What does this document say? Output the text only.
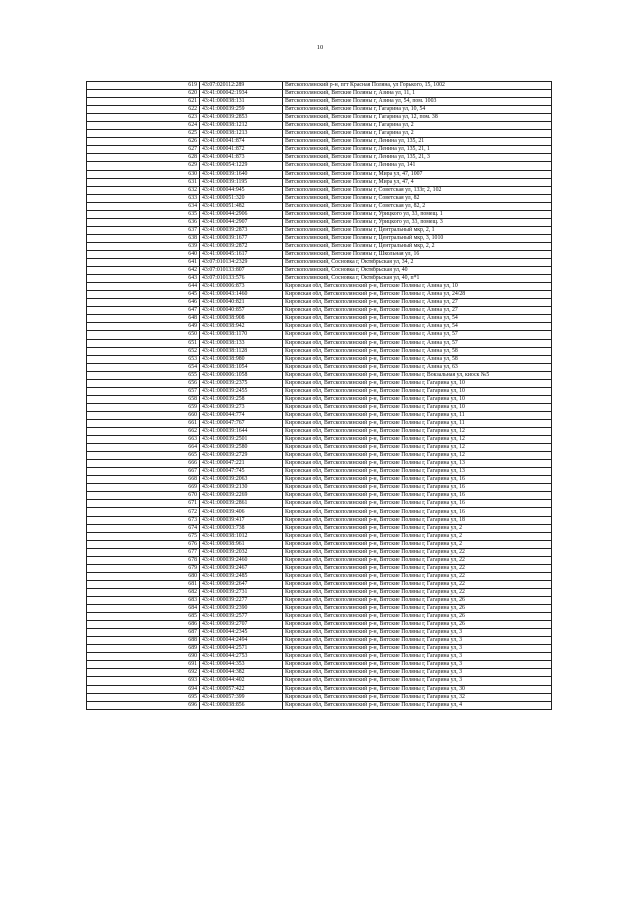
10
619	43:07:020112:289	Вятскополянский р-н, пгт Красная Поляна, ул Горького, 15, 1002
620	43:41:000042:1934	Вятскополянский, Вятские Поляны г, Азина ул, 11, 1
621	43:41:000038:131	Вятскополянский, Вятские Поляны г, Азина ул, 54, пом. 1003
622	43:41:000039:259	Вятскополянский, Вятские Поляны г, Гагарина ул, 10, 54
623	43:41:000039:2853	Вятскополянский, Вятские Поляны г, Гагарина ул, 12, пом. 38
624	43:41:000038:1212	Вятскополянский, Вятские Поляны г, Гагарина ул, 2
625	43:41:000038:1213	Вятскополянский, Вятские Поляны г, Гагарина ул, 2
626	43:41:000041:874	Вятскополянский, Вятские Поляны г, Ленина ул, 135, 21
627	43:41:000041:872	Вятскополянский, Вятские Поляны г, Ленина ул, 135, 21, 1
628	43:41:000041:873	Вятскополянский, Вятские Поляны г, Ленина ул, 135, 21, 3
629	43:41:000054:1229	Вятскополянский, Вятские Поляны г, Ленина ул, 141
630	43:41:000039:1640	Вятскополянский, Вятские Поляны г, Мира ул, 47, 1007
631	43:41:000039:1195	Вятскополянский, Вятские Поляны г, Мира ул, 47, 4
632	43:41:000044:945	Вятскополянский, Вятские Поляны г, Советская ул, 133г, 2, 102
633	43:41:000051:320	Вятскополянский, Вятские Поляны г, Советская ул, 82
634	43:41:000051:482	Вятскополянский, Вятские Поляны г, Советская ул, 82, 2
635	43:41:000044:2906	Вятскополянский, Вятские Поляны г, Урицкого ул, 33, помещ. 1
636	43:41:000044:2907	Вятскополянский, Вятские Поляны г, Урицкого ул, 33, помещ. 3
637	43:41:000039:2873	Вятскополянский, Вятские Поляны г, Центральный мкр, 2, 1
638	43:41:000039:1677	Вятскополянский, Вятские Поляны г, Центральный мкр, 3, 1010
639	43:41:000039:2872	Вятскополянский, Вятские Поляны г, Центральный мкр, 2, 2
640	43:41:000045:1617	Вятскополянский, Вятские Поляны г, Школьная ул, 16
641	43:07:010134:2329	Вятскополянский, Сосновка г, Октябрьская ул, 34, 2
642	43:07:010133:807	Вятскополянский, Сосновка г, Октябрьская ул, 40
643	43:07:010133:576	Вятскополянский, Сосновка г, Октябрьская ул, 40, п*1
644	43:41:000006:873	Кировская обл, Вятскополянский р-н, Вятские Поляны г, Азина ул, 10
645	43:41:000043:1460	Кировская обл, Вятскополянский р-н, Вятские Поляны г, Азина ул, 24/28
646	43:41:000040:821	Кировская обл, Вятскополянский р-н, Вятские Поляны г, Азина ул, 27
647	43:41:000040:857	Кировская обл, Вятскополянский р-н, Вятские Поляны г, Азина ул, 27
648	43:41:000038:908	Кировская обл, Вятскополянский р-н, Вятские Поляны г, Азина ул, 54
649	43:41:000038:942	Кировская обл, Вятскополянский р-н, Вятские Поляны г, Азина ул, 54
650	43:41:000038:1170	Кировская обл, Вятскополянский р-н, Вятские Поляны г, Азина ул, 57
651	43:41:000038:133	Кировская обл, Вятскополянский р-н, Вятские Поляны г, Азина ул, 57
652	43:41:000038:1128	Кировская обл, Вятскополянский р-н, Вятские Поляны г, Азина ул, 58
653	43:41:000038:980	Кировская обл, Вятскополянский р-н, Вятские Поляны г, Азина ул, 58
654	43:41:000038:1054	Кировская обл, Вятскополянский р-н, Вятские Поляны г, Азина ул, 63
655	43:41:000006:1058	Кировская обл, Вятскополянский р-н, Вятские Поляны г, Вокзальная ул, киоск №5
656	43:41:000039:2375	Кировская обл, Вятскополянский р-н, Вятские Поляны г, Гагарина ул, 10
657	43:41:000039:2455	Кировская обл, Вятскополянский р-н, Вятские Поляны г, Гагарина ул, 10
658	43:41:000039:258	Кировская обл, Вятскополянский р-н, Вятские Поляны г, Гагарина ул, 10
659	43:41:000039:273	Кировская обл, Вятскополянский р-н, Вятские Поляны г, Гагарина ул, 10
660	43:41:000044:774	Кировская обл, Вятскополянский р-н, Вятские Поляны г, Гагарина ул, 11
661	43:41:000047:767	Кировская обл, Вятскополянский р-н, Вятские Поляны г, Гагарина ул, 11
662	43:41:000039:1644	Кировская обл, Вятскополянский р-н, Вятские Поляны г, Гагарина ул, 12
663	43:41:000039:2501	Кировская обл, Вятскополянский р-н, Вятские Поляны г, Гагарина ул, 12
664	43:41:000039:2580	Кировская обл, Вятскополянский р-н, Вятские Поляны г, Гагарина ул, 12
665	43:41:000039:2729	Кировская обл, Вятскополянский р-н, Вятские Поляны г, Гагарина ул, 12
666	43:41:000047:221	Кировская обл, Вятскополянский р-н, Вятские Поляны г, Гагарина ул, 13
667	43:41:000047:745	Кировская обл, Вятскополянский р-н, Вятские Поляны г, Гагарина ул, 13
668	43:41:000039:2063	Кировская обл, Вятскополянский р-н, Вятские Поляны г, Гагарина ул, 16
669	43:41:000039:2130	Кировская обл, Вятскополянский р-н, Вятские Поляны г, Гагарина ул, 16
670	43:41:000039:2269	Кировская обл, Вятскополянский р-н, Вятские Поляны г, Гагарина ул, 16
671	43:41:000039:2861	Кировская обл, Вятскополянский р-н, Вятские Поляны г, Гагарина ул, 16
672	43:41:000039:406	Кировская обл, Вятскополянский р-н, Вятские Поляны г, Гагарина ул, 16
673	43:41:000039:417	Кировская обл, Вятскополянский р-н, Вятские Поляны г, Гагарина ул, 18
674	43:41:000003:738	Кировская обл, Вятскополянский р-н, Вятские Поляны г, Гагарина ул, 2
675	43:41:000038:1012	Кировская обл, Вятскополянский р-н, Вятские Поляны г, Гагарина ул, 2
676	43:41:000038:961	Кировская обл, Вятскополянский р-н, Вятские Поляны г, Гагарина ул, 2
677	43:41:000039:2032	Кировская обл, Вятскополянский р-н, Вятские Поляны г, Гагарина ул, 22
678	43:41:000039:2460	Кировская обл, Вятскополянский р-н, Вятские Поляны г, Гагарина ул, 22
679	43:41:000039:2467	Кировская обл, Вятскополянский р-н, Вятские Поляны г, Гагарина ул, 22
680	43:41:000039:2485	Кировская обл, Вятскополянский р-н, Вятские Поляны г, Гагарина ул, 22
681	43:41:000039:2647	Кировская обл, Вятскополянский р-н, Вятские Поляны г, Гагарина ул, 22
682	43:41:000039:2731	Кировская обл, Вятскополянский р-н, Вятские Поляны г, Гагарина ул, 22
683	43:41:000039:2277	Кировская обл, Вятскополянский р-н, Вятские Поляны г, Гагарина ул, 26
684	43:41:000039:2390	Кировская обл, Вятскополянский р-н, Вятские Поляны г, Гагарина ул, 26
685	43:41:000039:2577	Кировская обл, Вятскополянский р-н, Вятские Поляны г, Гагарина ул, 26
686	43:41:000039:2707	Кировская обл, Вятскополянский р-н, Вятские Поляны г, Гагарина ул, 26
687	43:41:000044:2345	Кировская обл, Вятскополянский р-н, Вятские Поляны г, Гагарина ул, 3
688	43:41:000044:2494	Кировская обл, Вятскополянский р-н, Вятские Поляны г, Гагарина ул, 3
689	43:41:000044:2571	Кировская обл, Вятскополянский р-н, Вятские Поляны г, Гагарина ул, 3
690	43:41:000044:2753	Кировская обл, Вятскополянский р-н, Вятские Поляны г, Гагарина ул, 3
691	43:41:000044:353	Кировская обл, Вятскополянский р-н, Вятские Поляны г, Гагарина ул, 3
692	43:41:000044:382	Кировская обл, Вятскополянский р-н, Вятские Поляны г, Гагарина ул, 3
693	43:41:000044:402	Кировская обл, Вятскополянский р-н, Вятские Поляны г, Гагарина ул, 3
694	43:41:000057:422	Кировская обл, Вятскополянский р-н, Вятские Поляны г, Гагарина ул, 30
695	43:41:000057:399	Кировская обл, Вятскополянский р-н, Вятские Поляны г, Гагарина ул, 32
696	43:41:000038:856	Кировская обл, Вятскополянский р-н, Вятские Поляны г, Гагарина ул, 4
